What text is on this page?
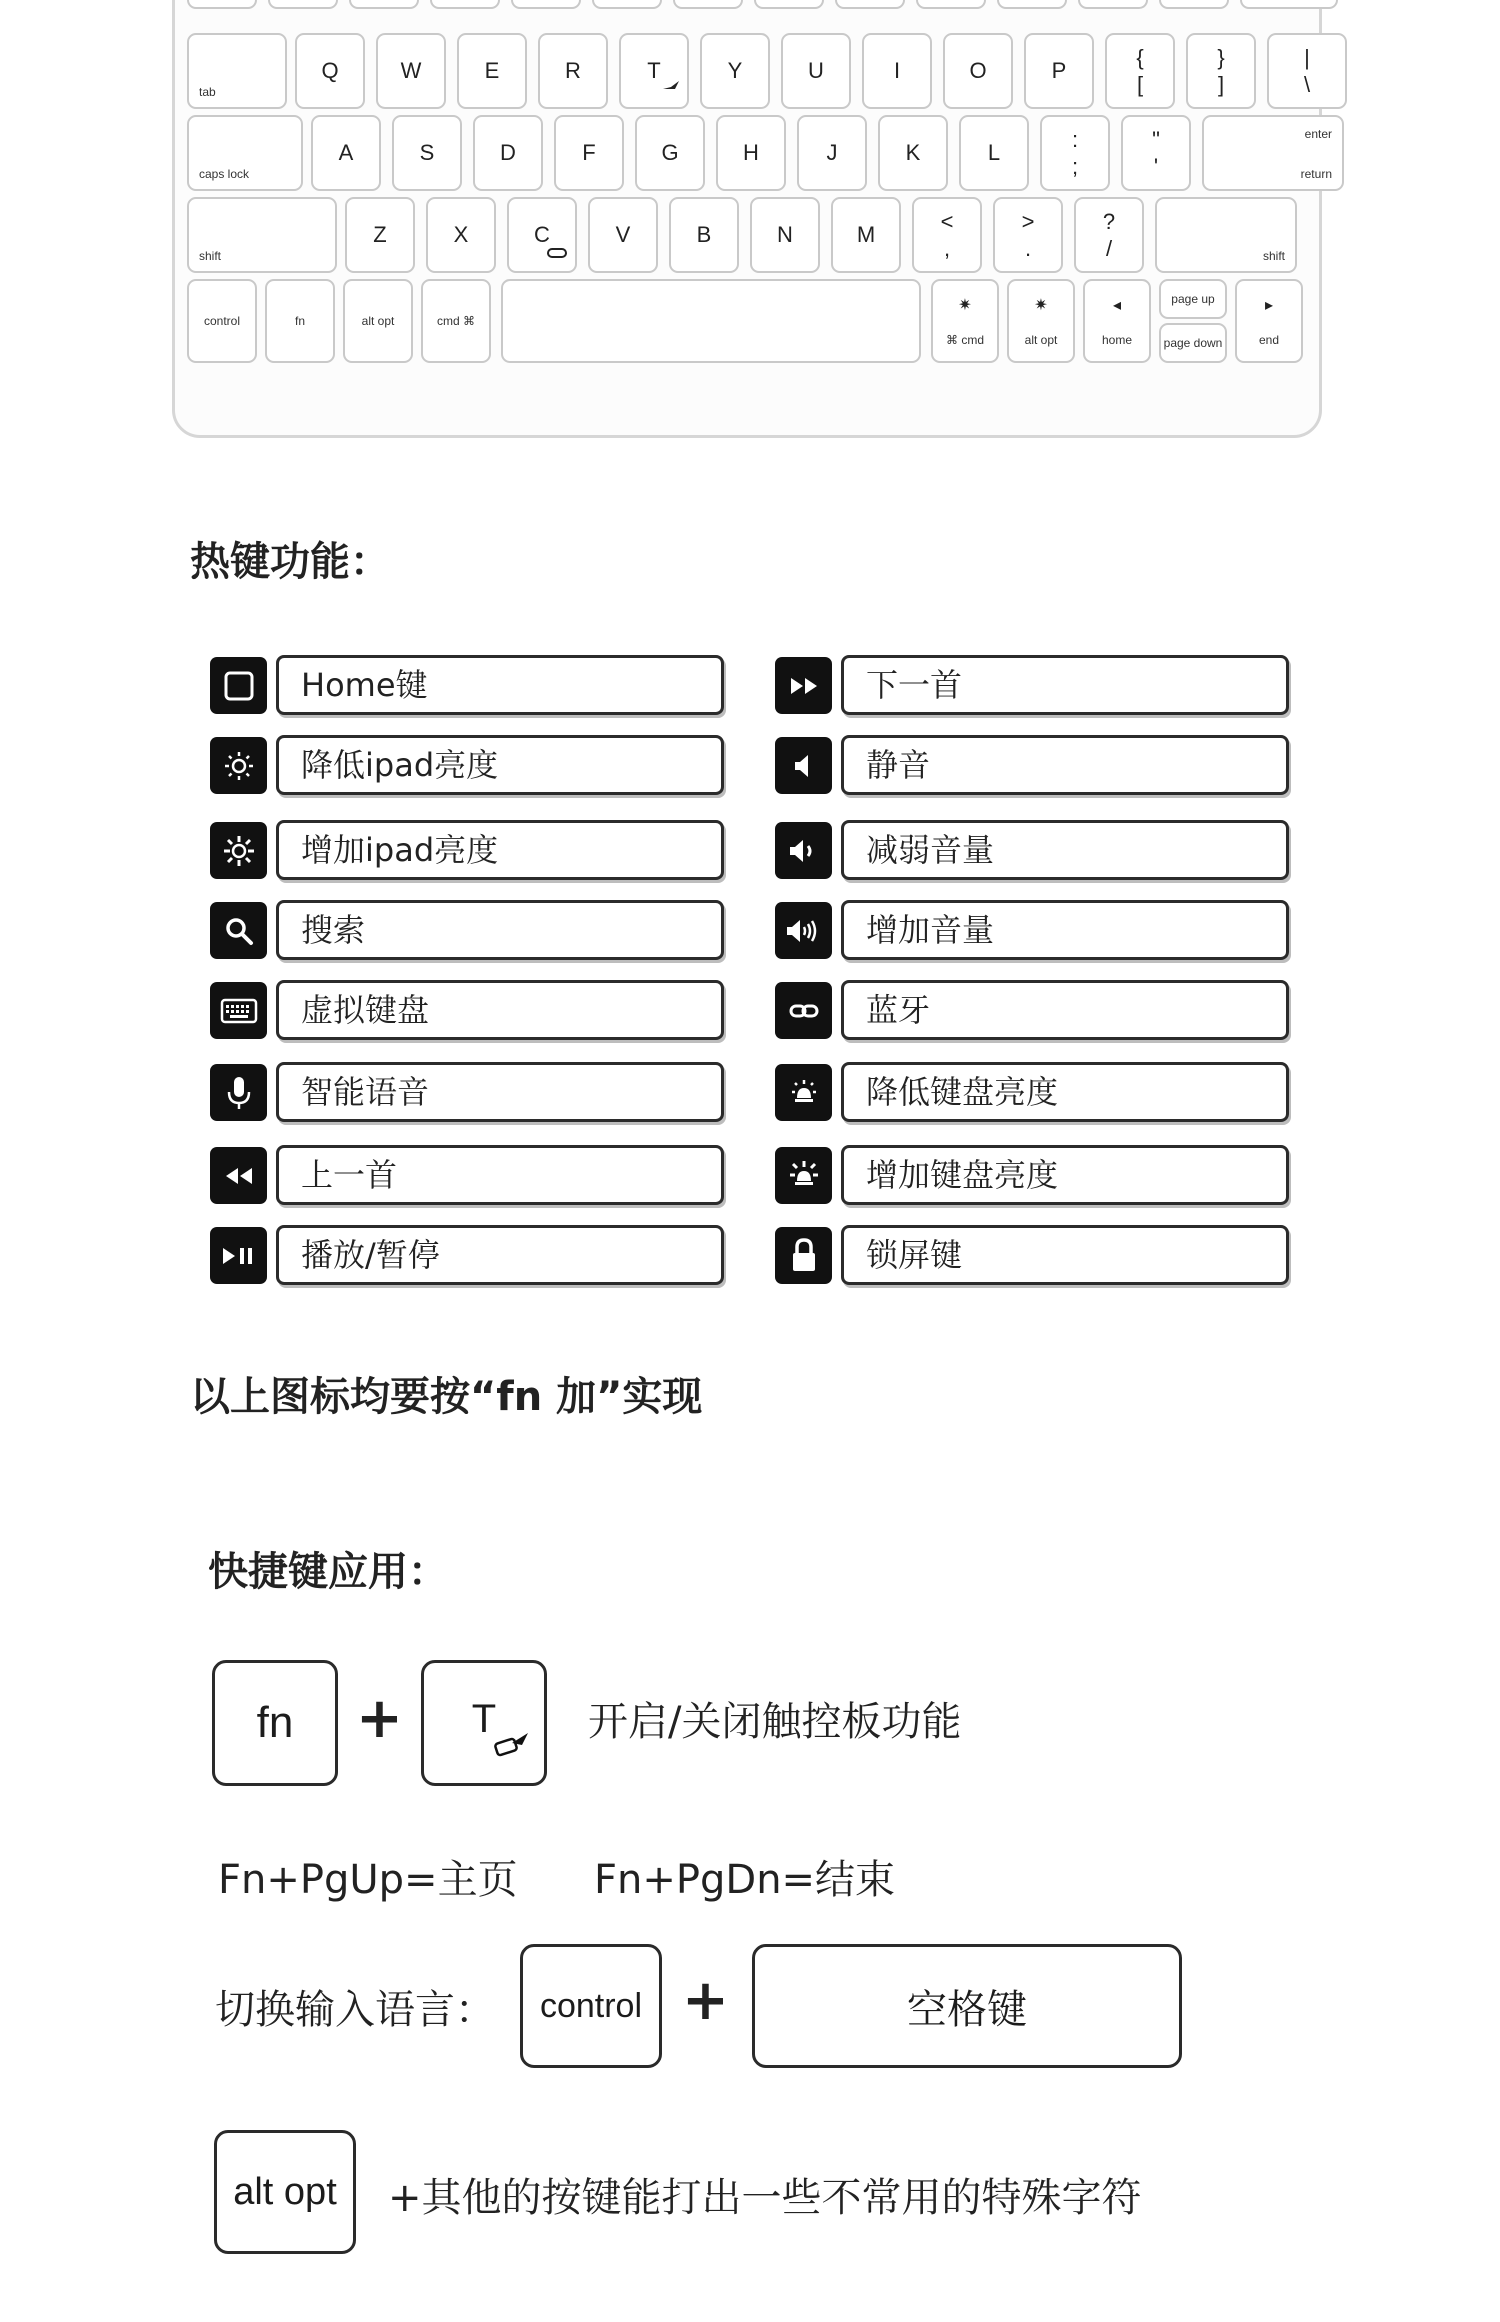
tab
Q	W	E	R	T	Y	U	I	O	P
{
[
}
]
|
\
caps lock
A	S	D	F	G	H	J	K	L
:
;
"
'
enter
return
shift
Z	X	C	V	B	N	M
<
,
>
.
?
/	shift
control	fn	alt opt	cmd ⌘
✷
⌘ cmd
✷
alt opt
◂
home
page up
page down
▸
end
热键功能：
Home键
降低ipad亮度
增加ipad亮度
搜索
虚拟键盘
智能语音
上一首
播放/暂停
下一首
静音
减弱音量
增加音量
蓝牙
降低键盘亮度
增加键盘亮度
锁屏键
以上图标均要按“fn 加”实现
快捷键应用：
fn	+ T 开启/关闭触控板功能
Fn+PgUp=主页 Fn+PgDn=结束
切换输入语言：	control +	空格键
alt opt	+其他的按键能打出一些不常用的特殊字符
